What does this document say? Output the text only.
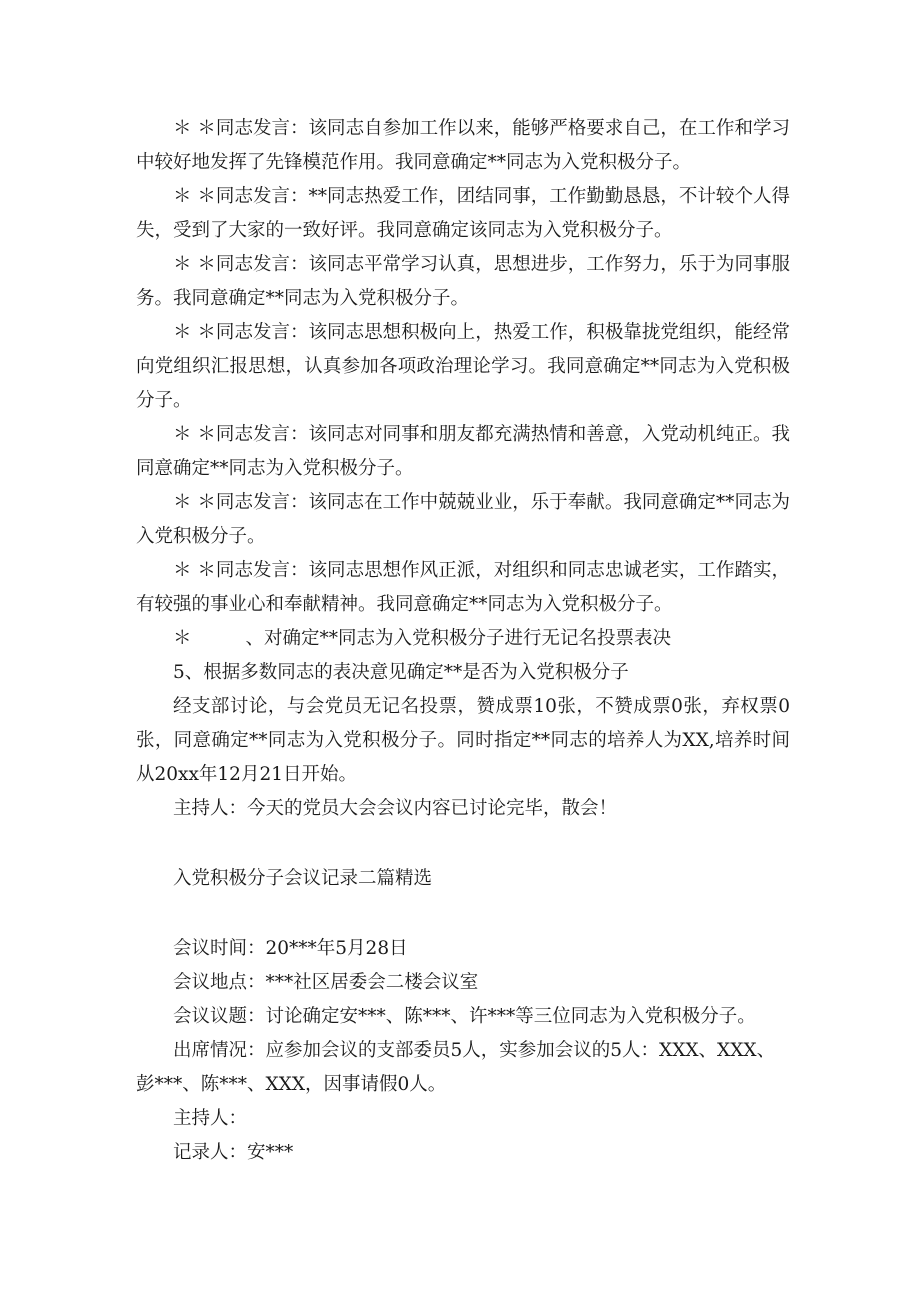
＊ ＊同志发言：该同志自参加工作以来，能够严格要求自己，在工作和学习中较好地发挥了先锋模范作用。我同意确定**同志为入党积极分子。

＊ ＊同志发言：**同志热爱工作，团结同事，工作勤勤恳恳，不计较个人得失，受到了大家的一致好评。我同意确定该同志为入党积极分子。

＊ ＊同志发言：该同志平常学习认真，思想进步，工作努力，乐于为同事服务。我同意确定**同志为入党积极分子。

＊ ＊同志发言：该同志思想积极向上，热爱工作，积极靠拢党组织，能经常向党组织汇报思想，认真参加各项政治理论学习。我同意确定**同志为入党积极分子。

＊ ＊同志发言：该同志对同事和朋友都充满热情和善意，入党动机纯正。我同意确定**同志为入党积极分子。

＊ ＊同志发言：该同志在工作中兢兢业业，乐于奉献。我同意确定**同志为入党积极分子。

＊ ＊同志发言：该同志思想作风正派，对组织和同志忠诚老实，工作踏实，有较强的事业心和奉献精神。我同意确定**同志为入党积极分子。

＊	、对确定**同志为入党积极分子进行无记名投票表决

5、根据多数同志的表决意见确定**是否为入党积极分子

经支部讨论，与会党员无记名投票，赞成票10张，不赞成票0张，弃权票0张，同意确定**同志为入党积极分子。同时指定**同志的培养人为XX,培养时间从20xx年12月21日开始。

主持人：今天的党员大会会议内容已讨论完毕，散会！

入党积极分子会议记录二篇精选

会议时间：20***年5月28日

会议地点：***社区居委会二楼会议室

会议议题：讨论确定安***、陈***、许***等三位同志为入党积极分子。

出席情况：应参加会议的支部委员5人，实参加会议的5人：XXX、XXX、彭***、陈***、XXX，因事请假0人。

主持人：

记录人：安***
